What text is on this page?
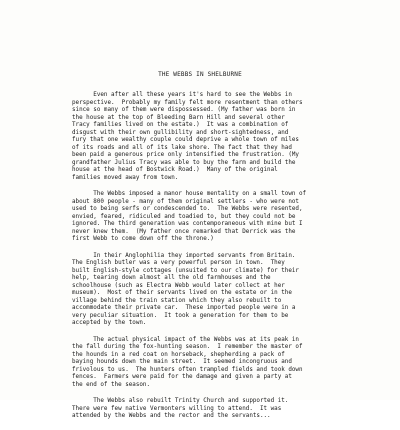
THE WEBBS IN SHELBURNE
Even after all these years it's hard to see the Webbs in
perspective.  Probably my family felt more resentment than others
since so many of them were dispossessed. (My father was born in
the house at the top of Bleeding Barn Hill and several other
Tracy families lived on the estate.)  It was a combination of
disgust with their own gullibility and short-sightedness, and
fury that one wealthy couple could deprive a whole town of miles
of its roads and all of its lake shore. The fact that they had
been paid a generous price only intensified the frustration. (My
grandfather Julius Tracy was able to buy the farm and build the
house at the head of Bostwick Road.)  Many of the original
families moved away from town.
The Webbs imposed a manor house mentality on a small town of
about 800 people - many of them original settlers - who were not
used to being serfs or condescended to.  The Webbs were resented,
envied, feared, ridiculed and toadied to, but they could not be
ignored. The third generation was contemporaneous with mine but I
never knew them.  (My father once remarked that Derrick was the
first Webb to come down off the throne.)
In their Anglophilia they imported servants from Britain.
The English butler was a very powerful person in town.  They
built English-style cottages (unsuited to our climate) for their
help, tearing down almost all the old farmhouses and the
schoolhouse (such as Electra Webb would later collect at her
museum).  Most of their servants lived on the estate or in the
village behind the train station which they also rebuilt to
accommodate their private car.  These imported people were in a
very peculiar situation.  It took a generation for them to be
accepted by the town.
The actual physical impact of the Webbs was at its peak in
the fall during the fox-hunting season.  I remember the master of
the hounds in a red coat on horseback, shepherding a pack of
baying hounds down the main street.  It seemed incongruous and
frivolous to us.  The hunters often trampled fields and took down
fences.  Farmers were paid for the damage and given a party at
the end of the season.
The Webbs also rebuilt Trinity Church and supported it.
There were few native Vermonters willing to attend.  It was
attended by the Webbs and the rector and the servants...
